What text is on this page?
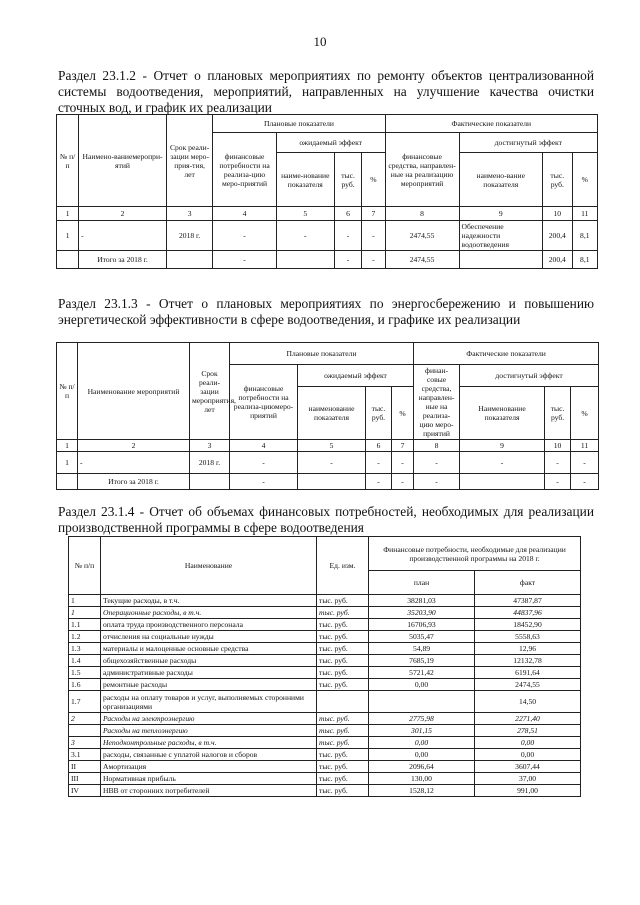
10
Раздел 23.1.2 - Отчет о плановых мероприятиях по ремонту объектов централизованной системы водоотведения, мероприятий, направленных на улучшение качества очистки сточных вод, и график их реализации
№ п/п	Наимено-ваниемеропри-ятий	Срок реали-зации меро-прия-тия, лет	Плановые показатели				Фактические показатели			
			финансовые потребности на реализа-цию меро-приятий	ожидаемый эффект			финансовые средства, направлен-ные на реализацию мероприятий	достигнутый эффект		
				наиме-нование показателя	тыс. руб.	%		наимено-вание показателя	тыс. руб.	%
1	2	3	4	5	6	7	8	9	10	11
1	-	2018 г.	-	-	-	-	2474,55	Обеспечение надежности водоотведения	200,4	8,1
	Итого за 2018 г.		-		-	-	2474,55		200,4	8,1
Раздел 23.1.3 - Отчет о плановых мероприятиях по энергосбережению и повышению энергетической эффективности в сфере водоотведения, и графике их реализации
№ п/п	Наименование мероприятий	Срок реали-зации мероприятия, лет	Плановые показатели				Фактические показатели			
			финансовые потребности на реализа-циюмеро-приятий	ожидаемый эффект			финан-совые средства, направлен-ные на реализа-цию меро-приятий	достигнутый эффект		
				наименование показателя	тыс. руб.	%		Наименование показателя	тыс. руб.	%
1	2	3	4	5	6	7	8	9	10	11
1	-	2018 г.	-	-	-	-	-	-	-	-
	Итого за 2018 г.		-		-	-	-		-	-
Раздел 23.1.4 - Отчет об объемах финансовых потребностей, необходимых для реализации производственной программы в сфере водоотведения
№ п/п	Наименование	Ед. изм.	Финансовые потребности, необходимые для реализации производственной программы на 2018 г.	
			план	факт
1	Текущие расходы, в т.ч.	тыс. руб.	38281,03	47387,87
1	Операционные расходы, в т.ч.	тыс. руб.	35203,90	44837,96
1.1	оплата труда производственного персонала	тыс. руб.	16706,93	18452,90
1.2	отчисления на социальные нужды	тыс. руб.	5035,47	5558,63
1.3	материалы и малоценные основные средства	тыс. руб.	54,89	12,96
1.4	общехозяйственные расходы	тыс. руб.	7685,19	12132,78
1.5	административные расходы	тыс. руб.	5721,42	6191,64
1.6	ремонтные расходы	тыс. руб.	0,00	2474,55
1.7	расходы на оплату товаров и услуг, выполняемых сторонними организациями			14,50
2	Расходы на электроэнергию	тыс. руб.	2775,98	2271,40
	Расходы на теплоэнергию	тыс. руб.	301,15	278,51
3	Неподконтрольные расходы, в т.ч.	тыс. руб.	0,00	0,00
3.1	расходы, связанные с уплатой налогов и сборов	тыс. руб.	0,00	0,00
II	Амортизация	тыс. руб.	2096,64	3607,44
III	Нормативная прибыль	тыс. руб.	130,00	37,00
IV	НВВ от сторонних потребителей	тыс. руб.	1528,12	991,00
